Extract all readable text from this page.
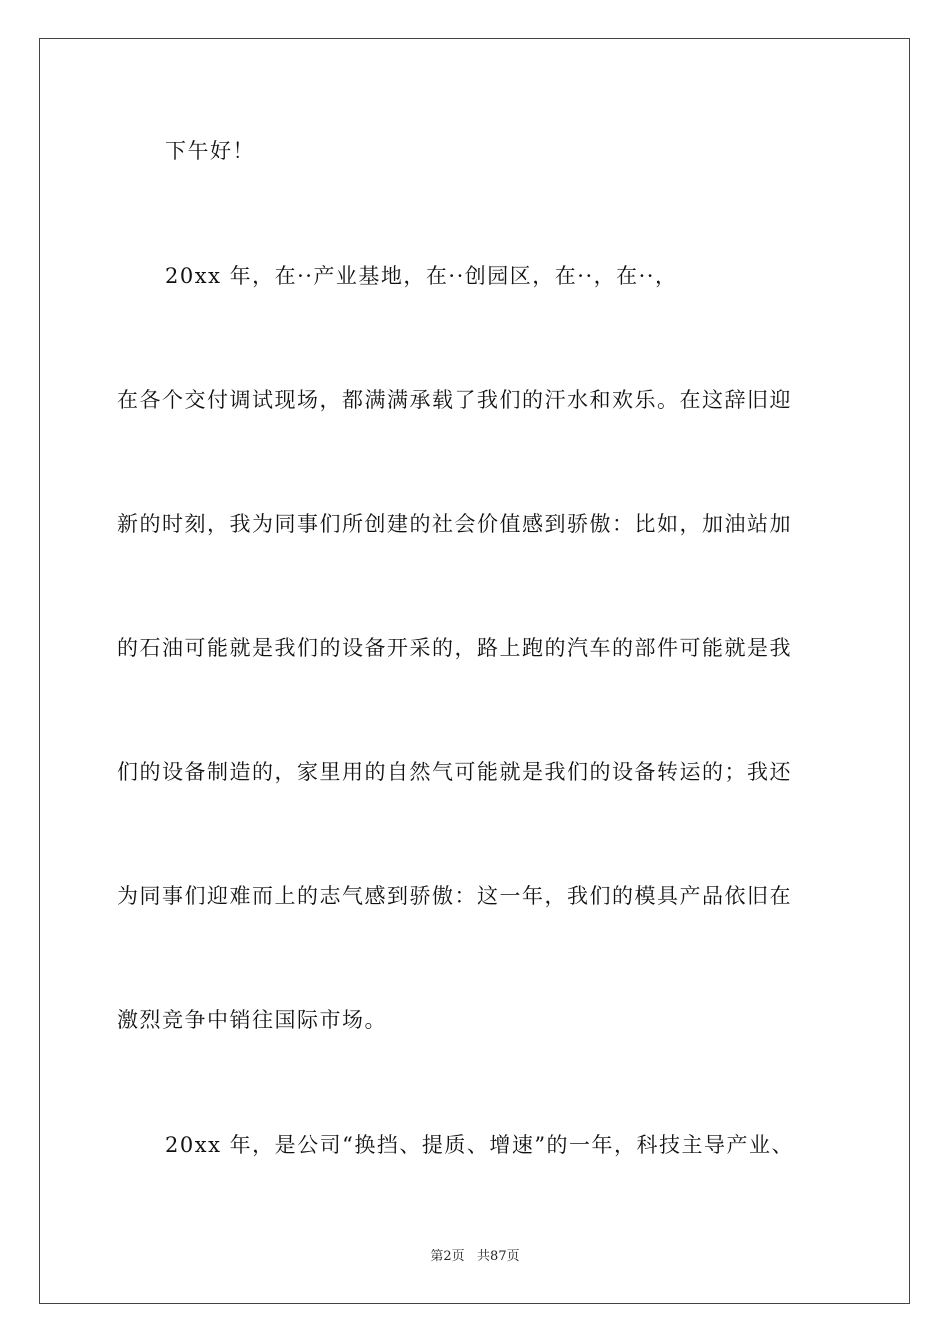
下午好！
20xx 年，在··产业基地，在··创园区，在··，在··，
在各个交付调试现场，都满满承载了我们的汗水和欢乐。在这辞旧迎
新的时刻，我为同事们所创建的社会价值感到骄傲：比如，加油站加
的石油可能就是我们的设备开采的，路上跑的汽车的部件可能就是我
们的设备制造的，家里用的自然气可能就是我们的设备转运的；我还
为同事们迎难而上的志气感到骄傲：这一年，我们的模具产品依旧在
激烈竞争中销往国际市场。
20xx 年，是公司“换挡、提质、增速”的一年，科技主导产业、
第2页   共87页
